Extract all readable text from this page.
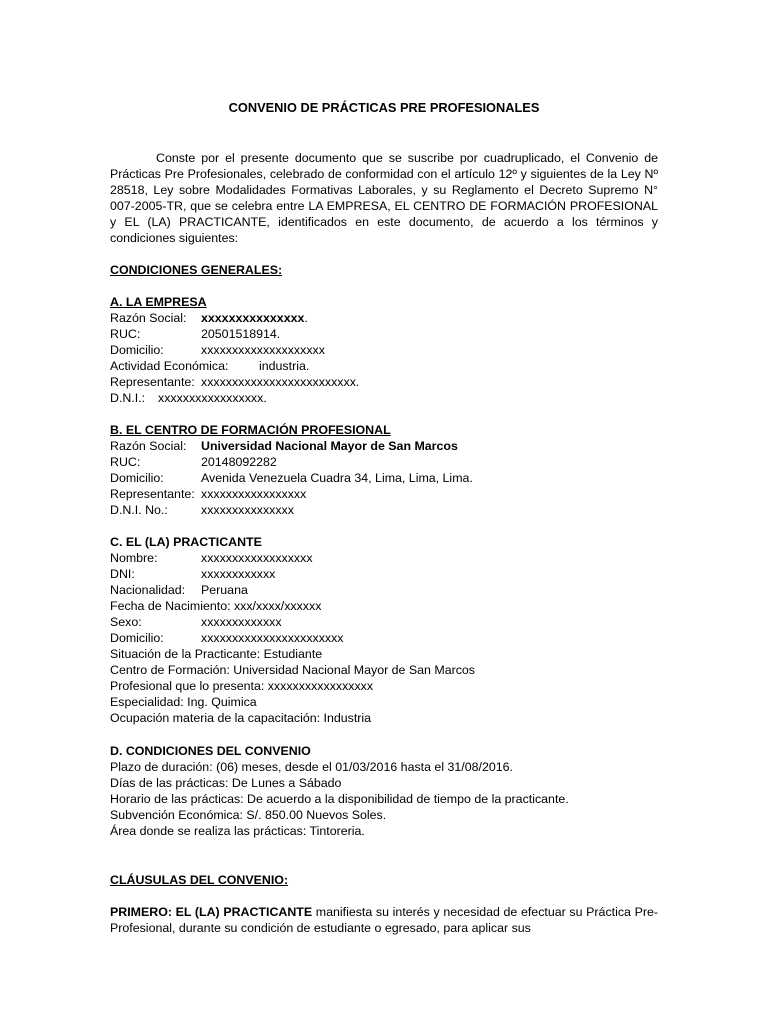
CONVENIO DE PRÁCTICAS PRE PROFESIONALES

Conste por el presente documento que se suscribe por cuadruplicado, el Convenio de Prácticas Pre Profesionales, celebrado de conformidad con el artículo 12º y siguientes de la Ley Nº 28518, Ley sobre Modalidades Formativas Laborales, y su Reglamento el Decreto Supremo N° 007-2005-TR, que se celebra entre LA EMPRESA, EL CENTRO DE FORMACIÓN PROFESIONAL y EL (LA) PRACTICANTE, identificados en este documento, de acuerdo a los términos y condiciones siguientes:

CONDICIONES GENERALES:

A. LA EMPRESA
Razón Social:	xxxxxxxxxxxxxxx .
RUC:	20501518914.
Domicilio:	xxxxxxxxxxxxxxxxxxxx
Actividad Económica:	industria.
Representante: xxxxxxxxxxxxxxxxxxxxxxxxx.
D.N.I.:	xxxxxxxxxxxxxxxxx.
B. EL CENTRO DE FORMACIÓN PROFESIONAL
Razón Social:	Universidad Nacional Mayor de San Marcos
RUC:	20148092282
Domicilio:	Avenida Venezuela Cuadra 34, Lima, Lima, Lima.
Representante: xxxxxxxxxxxxxxxxx
D.N.I. No.:	xxxxxxxxxxxxxxx
C. EL (LA) PRACTICANTE
Nombre:	xxxxxxxxxxxxxxxxxx
DNI:	xxxxxxxxxxxx
Nacionalidad:	Peruana
Fecha de Nacimiento: xxx/xxxx/xxxxxx
Sexo:	xxxxxxxxxxxxx
Domicilio:	xxxxxxxxxxxxxxxxxxxxxxx
Situación de la Practicante: Estudiante
Centro de Formación: Universidad Nacional Mayor de San Marcos
Profesional que lo presenta: xxxxxxxxxxxxxxxxx
Especialidad: Ing. Quimica
Ocupación materia de la capacitación: Industria
D. CONDICIONES DEL CONVENIO
Plazo de duración: (06) meses, desde el 01/03/2016 hasta el 31/08/2016.
Días de las prácticas: De Lunes a Sábado
Horario de las prácticas: De acuerdo a la disponibilidad de tiempo de la practicante.
Subvención Económica: S/. 850.00 Nuevos Soles.
Área donde se realiza las prácticas: Tintoreria.

CLÁUSULAS DEL CONVENIO:

PRIMERO: EL (LA) PRACTICANTE manifiesta su interés y necesidad de efectuar su Práctica Pre-Profesional, durante su condición de estudiante o egresado, para aplicar sus
